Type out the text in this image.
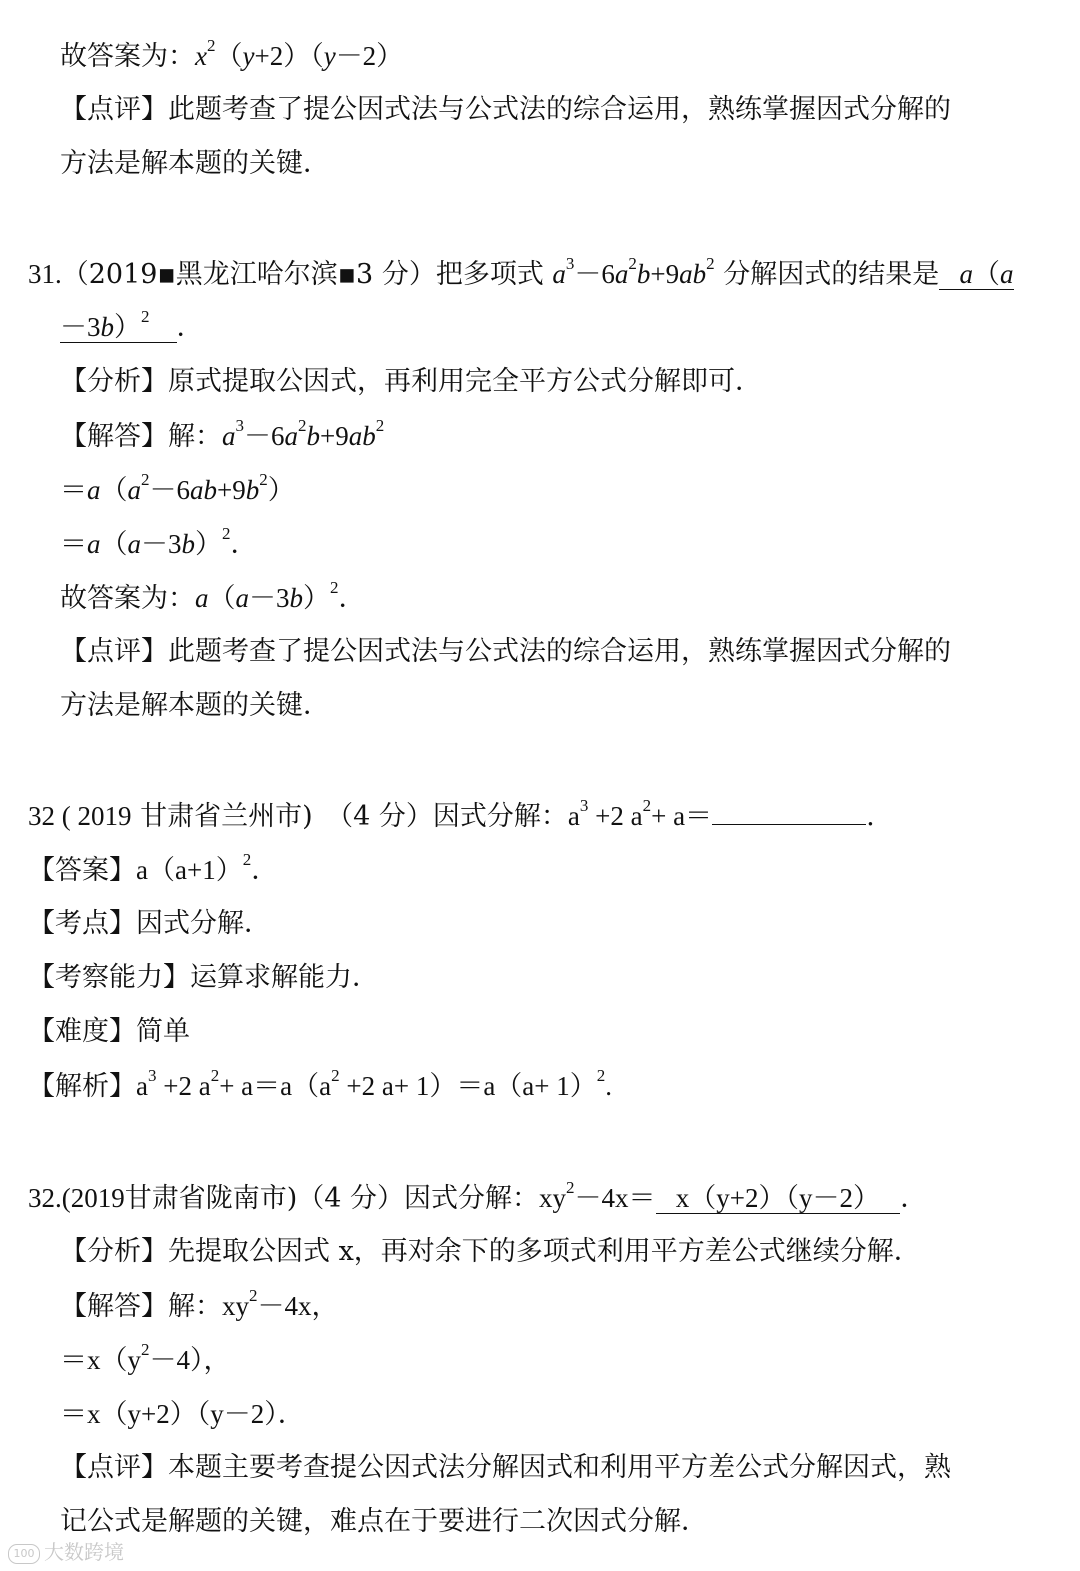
故答案为：$x^2(y+2)(y-2)$
【点评】此题考查了提公因式法与公式法的综合运用，熟练掌握因式分解的
方法是解本题的关键．
31.（2019▪黑龙江哈尔滨▪3 分）把多项式 $a^3-6a^2b+9ab^2$ 分解因式的结果是 a（a
－3b）$^2$ ．
【分析】原式提取公因式，再利用完全平方公式分解即可．
【解答】解：$a^3-6a^2b+9ab^2$
$=a(a^2-6ab+9b^2)$
$=a(a-3b)^2$．
故答案为：$a(a-3b)^2$．
【点评】此题考查了提公因式法与公式法的综合运用，熟练掌握因式分解的
方法是解本题的关键．
32 ( 2019 甘肃省兰州市)　（4 分）因式分解：$a^3 +2$ $a^2+ a=$	.
【答案】$a(a+1)^2$．
【考点】因式分解．
【考察能力】运算求解能力．
【难度】简单
【解析】$a^3 +2$ $a^2+ a=a(a^2 +2$ $a+ 1)=a(a+ 1)^2$.
32.(2019甘肃省陇南市)（4 分）因式分解：$xy^2-4x= x(y+2)(y-2)$   ．
【分析】先提取公因式 x，再对余下的多项式利用平方差公式继续分解．
【解答】解：$xy^2-4x$，
$=x(y^2-4)$，
＝x（y+2）（y－2）．
【点评】本题主要考查提公因式法分解因式和利用平方差公式分解因式，熟
记公式是解题的关键，难点在于要进行二次因式分解．
100 大数跨境
